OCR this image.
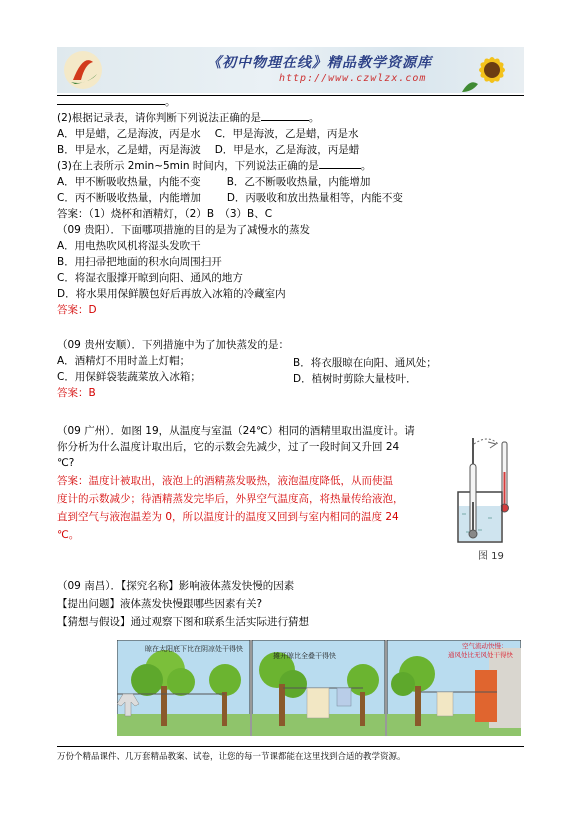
《初中物理在线》精品教学资源库
http://www.czwlzx.com
。
(2)根据记录表，请你判断下列说法正确的是	。
A．甲是蜡，乙是海波，丙是水 C．甲是海波，乙是蜡，丙是水
B．甲是水，乙是蜡，丙是海波 D．甲是水，乙是海波，丙是蜡
(3)在上表所示 2min~5min 时间内，下列说法正确的是	。
A．甲不断吸收热量，内能不变 B．乙不断吸收热量，内能增加
C．丙不断吸收热量，内能增加 D．丙吸收和放出热量相等，内能不变
答案：（1）烧杯和酒精灯，（2）B　（3）B、C
（09 贵阳）．下面哪项措施的目的是为了减慢水的蒸发
A．用电热吹风机将湿头发吹干
B．用扫帚把地面的积水向周围扫开
C．将湿衣服撑开晾到向阳、通风的地方
D．将水果用保鲜膜包好后再放入冰箱的冷藏室内
答案：D
（09 贵州安顺）．下列措施中为了加快蒸发的是：
A．酒精灯不用时盖上灯帽；	B．将衣服晾在向阳、通风处；
C．用保鲜袋装蔬菜放入冰箱；	D．植树时剪除大量枝叶．
答案：B
（09 广州）．如图 19，从温度与室温（24℃）相同的酒精里取出温度计。请
你分析为什么温度计取出后，它的示数会先减少，过了一段时间又升回 24
℃?
答案：温度计被取出，液泡上的酒精蒸发吸热，液泡温度降低，从而使温
度计的示数减少；待酒精蒸发完毕后，外界空气温度高，将热量传给液泡，
直到空气与液泡温差为 0，所以温度计的温度又回到与室内相同的温度 24
℃。
图 19
（09 南昌）．【探究名称】影响液体蒸发快慢的因素
【提出问题】液体蒸发快慢跟哪些因素有关?
【猜想与假设】通过观察下图和联系生活实际进行猜想
晾在太阳底下比在阴凉处干得快
摊开晾比全叠干得快
空气流动快慢：
通风处比无风处干得快
万份个精品课件、几万套精品教案、试卷，让您的每一节课都能在这里找到合适的教学资源。
